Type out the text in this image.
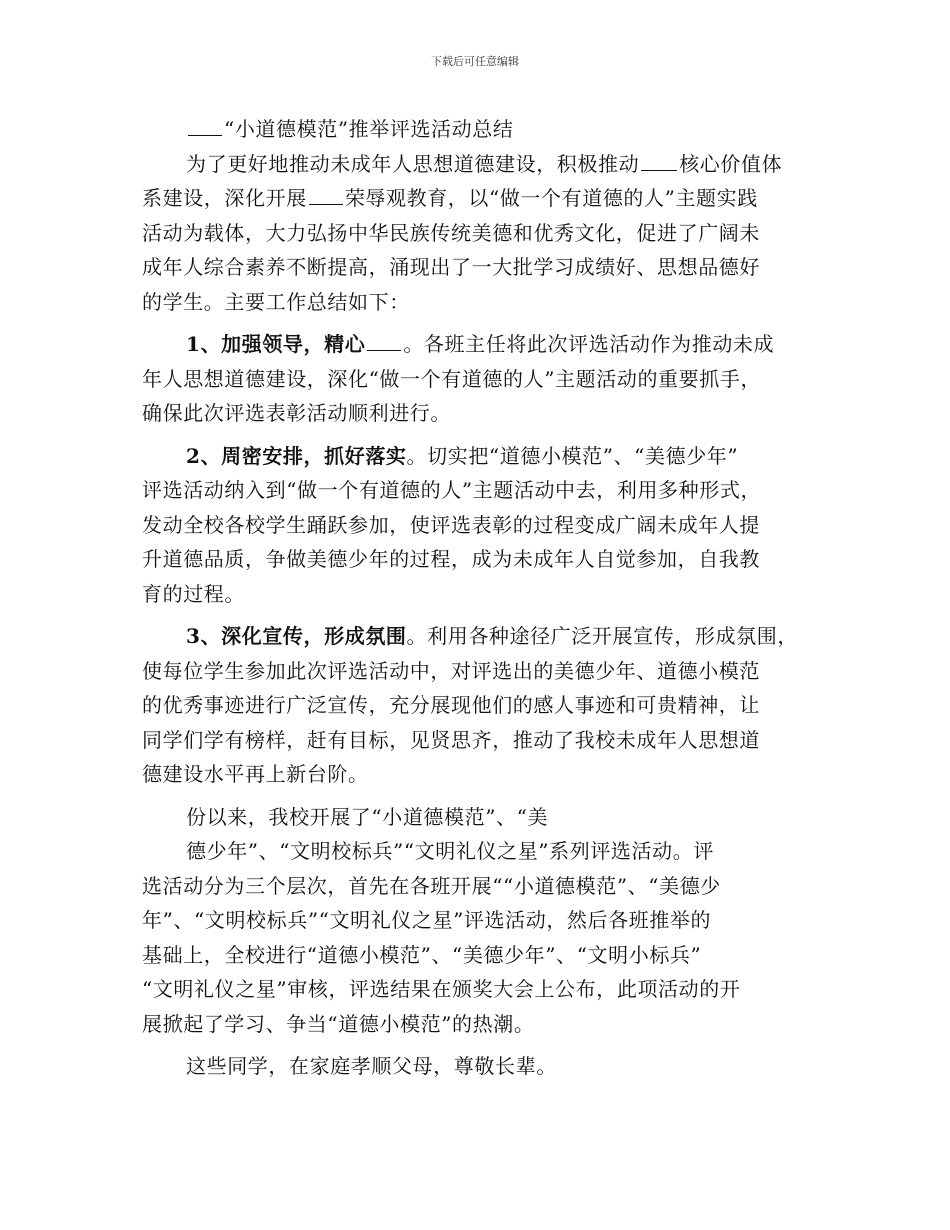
下载后可任意编辑
“小道德模范”推举评选活动总结
为了更好地推动未成年人思想道德建设，积极推动 核心价值体
系建设，深化开展 荣辱观教育，以“做一个有道德的人”主题实践
活动为载体，大力弘扬中华民族传统美德和优秀文化，促进了广阔未
成年人综合素养不断提高，涌现出了一大批学习成绩好、思想品德好
的学生。主要工作总结如下：
1、加强领导，精心 。各班主任将此次评选活动作为推动未成
年人思想道德建设，深化“做一个有道德的人”主题活动的重要抓手，
确保此次评选表彰活动顺利进行。
2、周密安排，抓好落实。切实把“道德小模范”、“美德少年”
评选活动纳入到“做一个有道德的人”主题活动中去，利用多种形式，
发动全校各校学生踊跃参加，使评选表彰的过程变成广阔未成年人提
升道德品质，争做美德少年的过程，成为未成年人自觉参加，自我教
育的过程。
3、深化宣传，形成氛围。利用各种途径广泛开展宣传，形成氛围，
使每位学生参加此次评选活动中，对评选出的美德少年、道德小模范
的优秀事迹进行广泛宣传，充分展现他们的感人事迹和可贵精神，让
同学们学有榜样，赶有目标，见贤思齐，推动了我校未成年人思想道
德建设水平再上新台阶。
份以来，我校开展了“小道德模范”、“美
德少年”、“文明校标兵”“文明礼仪之星”系列评选活动。评
选活动分为三个层次，首先在各班开展““小道德模范”、“美德少
年”、“文明校标兵”“文明礼仪之星”评选活动，然后各班推举的
基础上，全校进行“道德小模范”、“美德少年”、“文明小标兵”
“文明礼仪之星”审核，评选结果在颁奖大会上公布，此项活动的开
展掀起了学习、争当“道德小模范”的热潮。
这些同学，在家庭孝顺父母，尊敬长辈。
